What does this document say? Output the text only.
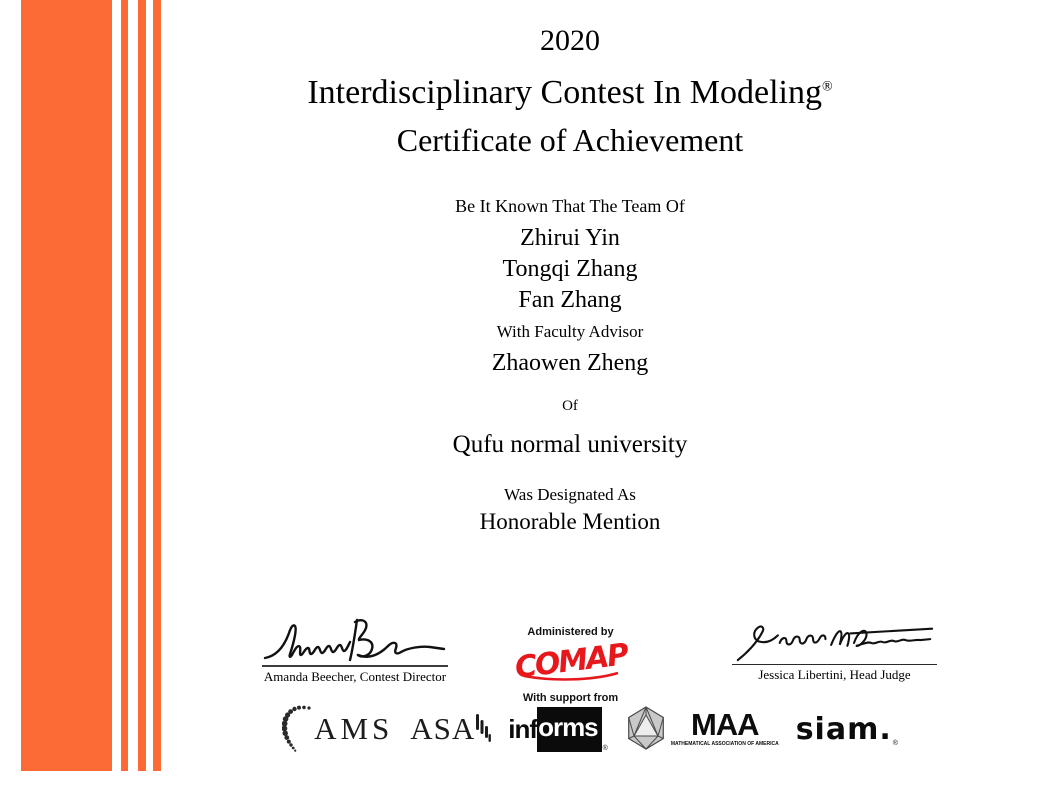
2020
Interdisciplinary Contest In Modeling®
Certificate of Achievement
Be It Known That The Team Of
Zhirui Yin
Tongqi Zhang
Fan Zhang
With Faculty Advisor
Zhaowen Zheng
Of
Qufu normal university
Was Designated As
Honorable Mention
Amanda Beecher, Contest Director
Administered by
COMAP
With support from
Jessica Libertini, Head Judge
AMS ASA inf orms
®
MAA
MATHEMATICAL ASSOCIATION OF AMERICA siam. ®
